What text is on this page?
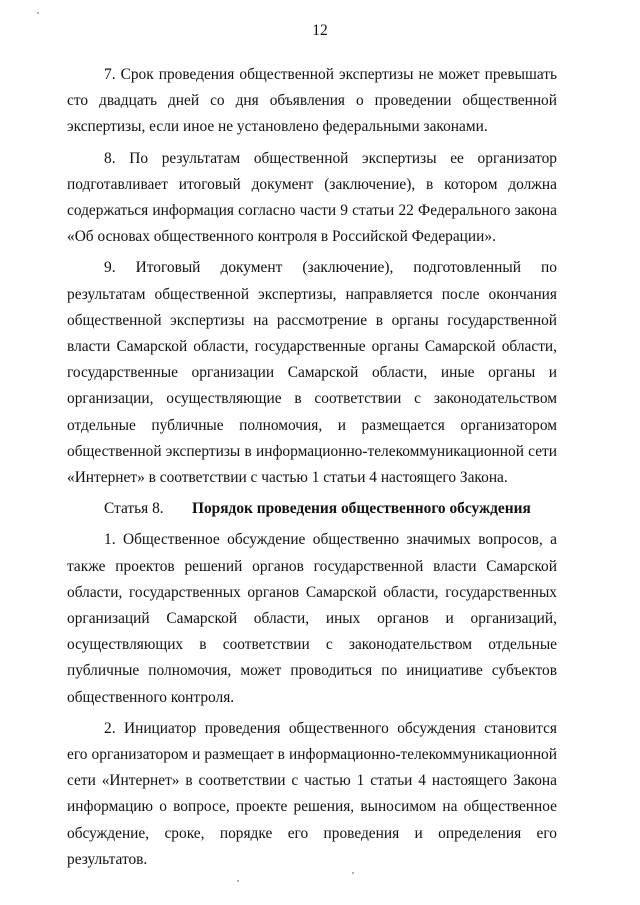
12

7. Срок проведения общественной экспертизы не может превышать сто двадцать дней со дня объявления о проведении общественной экспертизы, если иное не установлено федеральными законами.

8. По результатам общественной экспертизы ее организатор подготавливает итоговый документ (заключение), в котором должна содержаться информация согласно части 9 статьи 22 Федерального закона «Об основах общественного контроля в Российской Федерации».

9. Итоговый документ (заключение), подготовленный по результатам общественной экспертизы, направляется после окончания общественной экспертизы на рассмотрение в органы государственной власти Самарской области, государственные органы Самарской области, государственные организации Самарской области, иные органы и организации, осуществляющие в соответствии с законодательством отдельные публичные полномочия, и размещается организатором общественной экспертизы в информационно-телекоммуникационной сети «Интернет» в соответствии с частью 1 статьи 4 настоящего Закона.

Статья 8. Порядок проведения общественного обсуждения

1. Общественное обсуждение общественно значимых вопросов, а также проектов решений органов государственной власти Самарской области, государственных органов Самарской области, государственных организаций Самарской области, иных органов и организаций, осуществляющих в соответствии с законодательством отдельные публичные полномочия, может проводиться по инициативе субъектов общественного контроля.

2. Инициатор проведения общественного обсуждения становится его организатором и размещает в информационно-телекоммуникационной сети «Интернет» в соответствии с частью 1 статьи 4 настоящего Закона информацию о вопросе, проекте решения, выносимом на общественное обсуждение, сроке, порядке его проведения и определения его результатов.
